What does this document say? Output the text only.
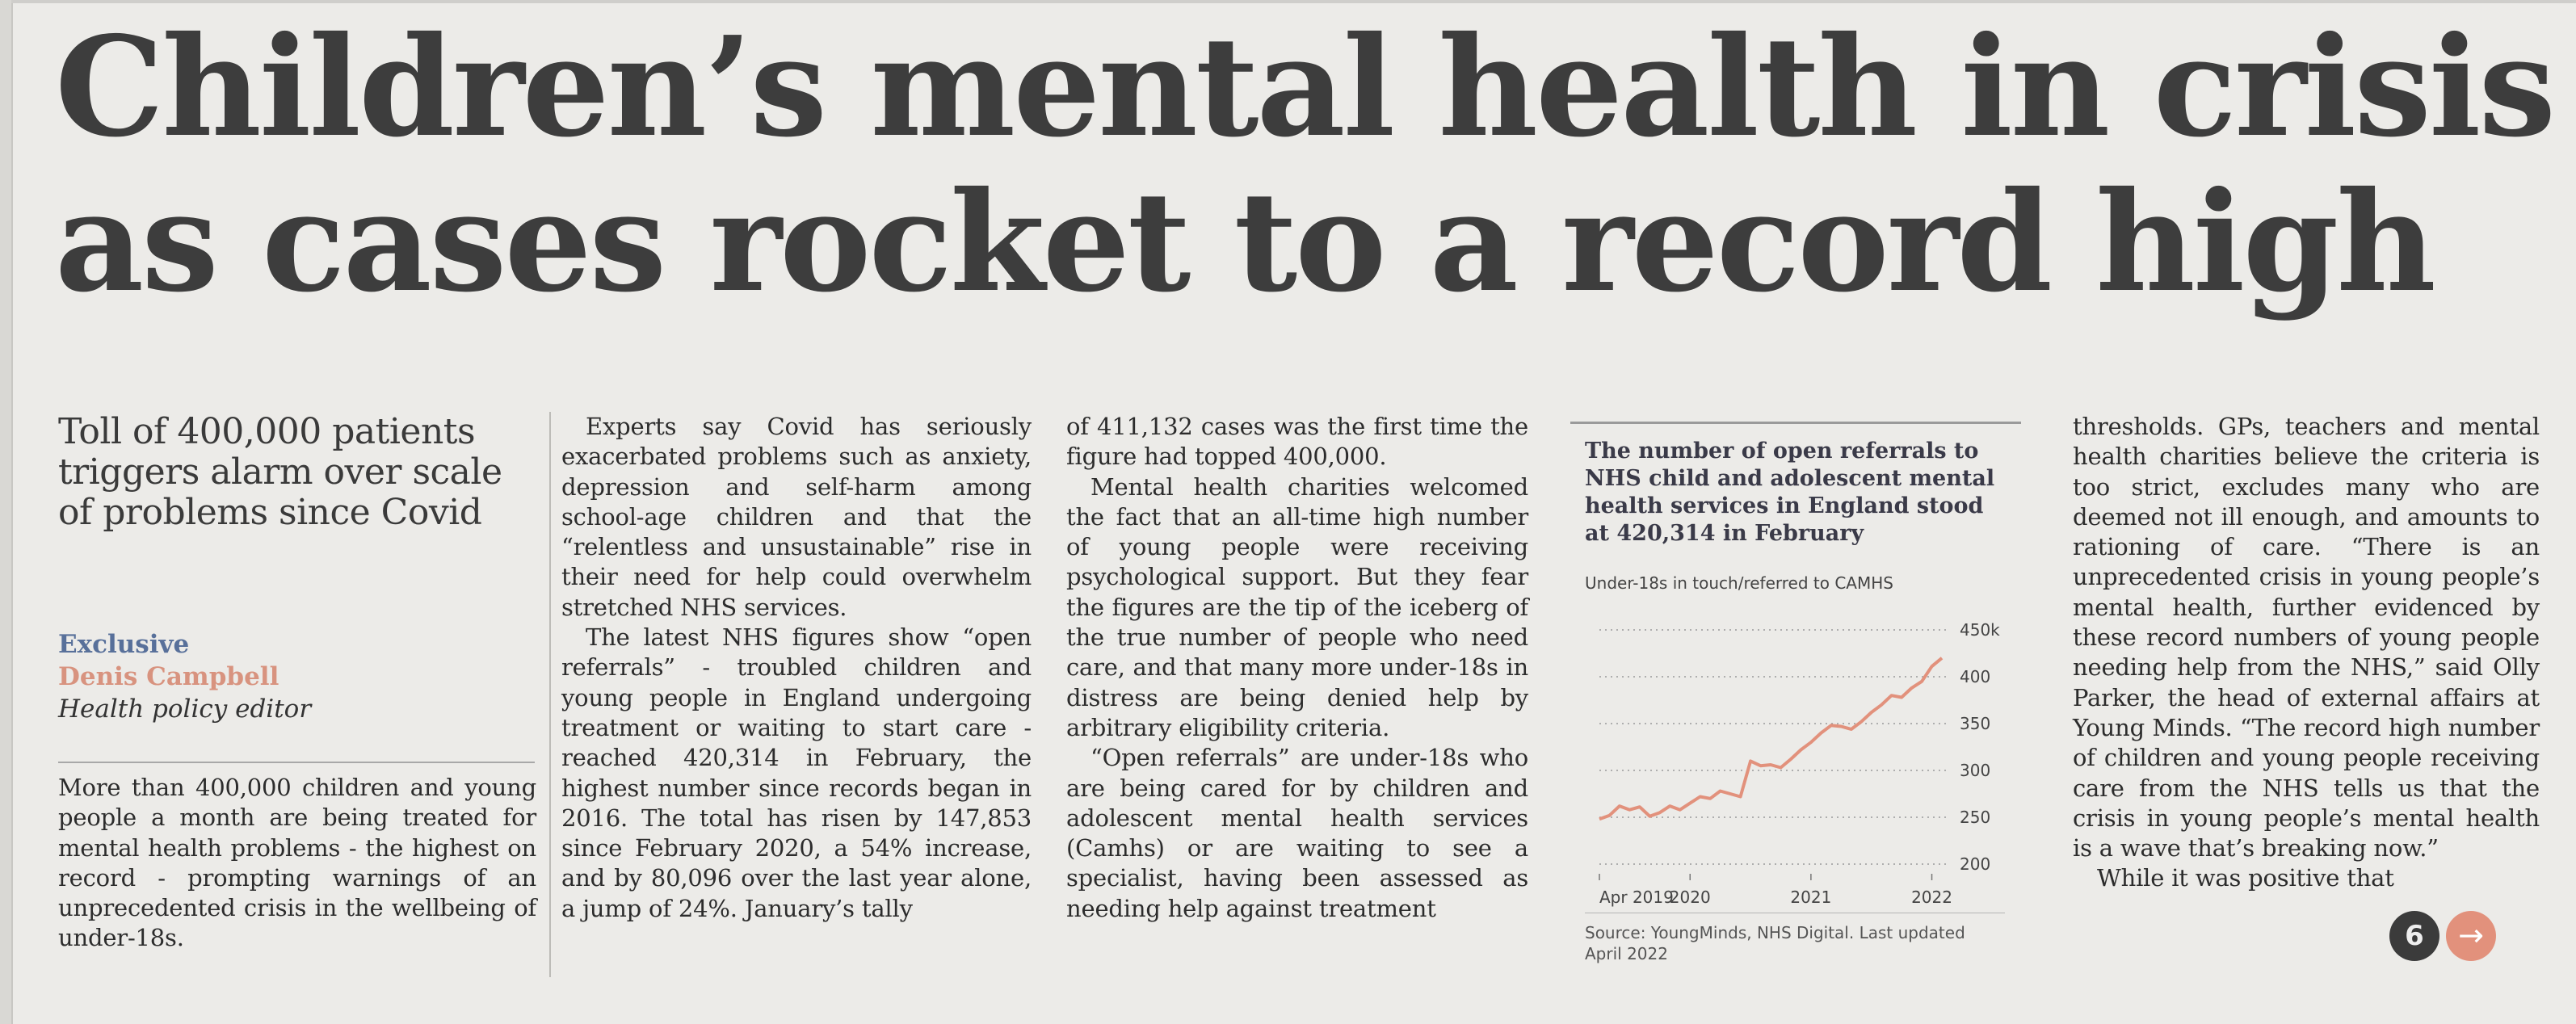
Children’s mental health in crisis
as cases rocket to a record high
Toll of 400,000 patients triggers alarm over scale of problems since Covid
Exclusive
Denis Campbell
Health policy editor

More than 400,000 children and young people a month are being treated for mental health problems - the highest on record - prompting warnings of an unprecedented crisis in the wellbeing of under-18s.

Experts say Covid has seriously exacerbated problems such as anxiety, depression and self-harm among school-age children and that the “relentless and unsustainable” rise in their need for help could overwhelm stretched NHS services.

The latest NHS figures show “open referrals” - troubled children and young people in England undergoing treatment or waiting to start care - reached 420,314 in February, the highest number since records began in 2016. The total has risen by 147,853 since February 2020, a 54% increase, and by 80,096 over the last year alone, a jump of 24%. January’s tally

of 411,132 cases was the first time the figure had topped 400,000.

Mental health charities welcomed the fact that an all-time high number of young people were receiving psychological support. But they fear the figures are the tip of the iceberg of the true number of people who need care, and that many more under-18s in distress are being denied help by arbitrary eligibility criteria.

“Open referrals” are under-18s who are being cared for by children and adolescent mental health services (Camhs) or are waiting to see a specialist, having been assessed as needing help against treatment

The number of open referrals to NHS child and adolescent mental health services in England stood at 420,314 in February
Under-18s in touch/referred to CAMHS
450k
400
350
300
250
200
Apr 2019
2020	2021	2022
Source: YoungMinds, NHS Digital. Last updated April 2022

thresholds. GPs, teachers and mental health charities believe the criteria is too strict, excludes many who are deemed not ill enough, and amounts to rationing of care. “There is an unprecedented crisis in young people’s mental health, further evidenced by these record numbers of young people needing help from the NHS,” said Olly Parker, the head of external affairs at Young Minds. “The record high number of children and young people receiving care from the NHS tells us that the crisis in young people’s mental health is a wave that’s breaking now.”

While it was positive that

6	→
